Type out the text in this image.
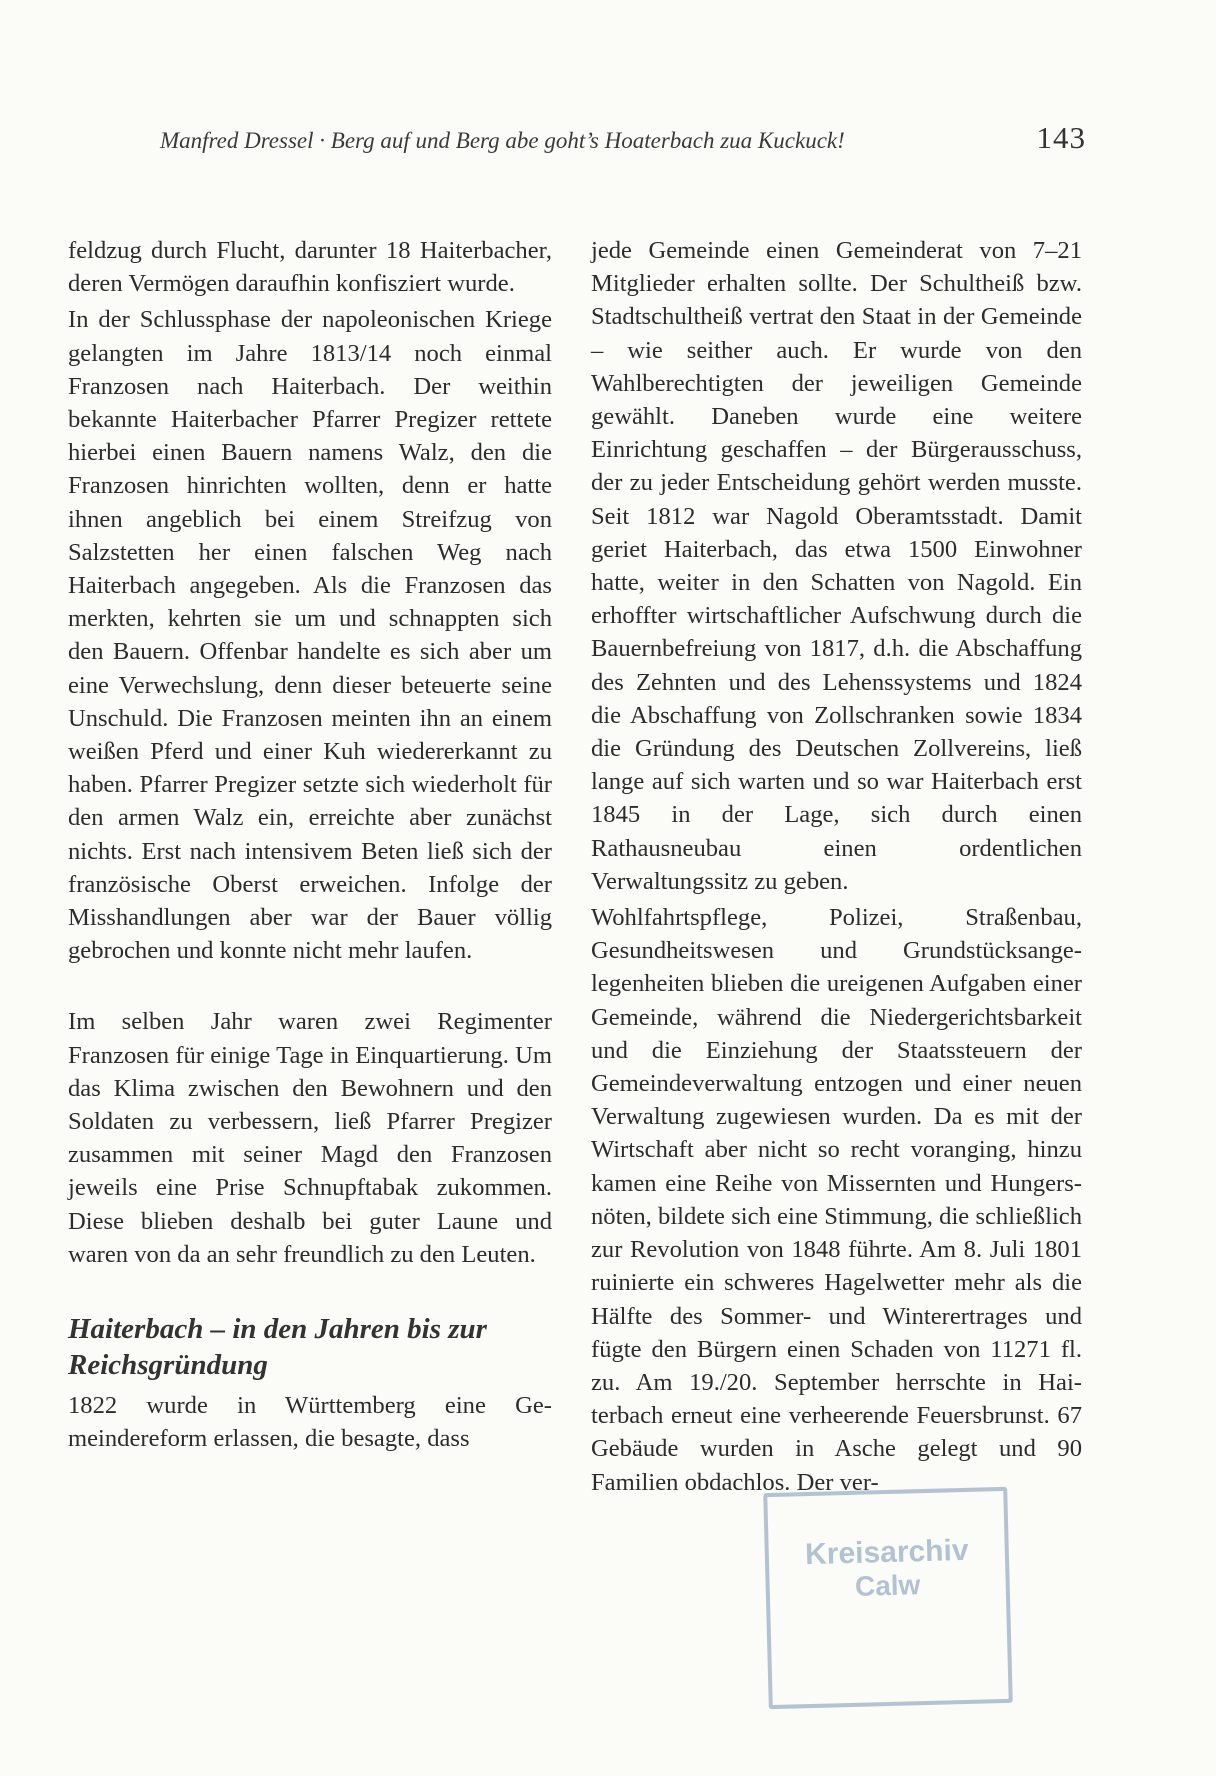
Manfred Dressel · Berg auf und Berg abe goht’s Hoaterbach zua Kuckuck!	143

feldzug durch Flucht, darunter 18 Haiterbacher, deren Vermögen daraufhin konfisziert wurde.

In der Schlussphase der napoleonischen Kriege gelangten im Jahre 1813/14 noch einmal Franzosen nach Haiterbach. Der weithin bekannte Haiterbacher Pfarrer Pregizer rettete hierbei einen Bauern namens Walz, den die Franzosen hinrichten wollten, denn er hatte ihnen angeblich bei einem Streifzug von Salzstetten her einen falschen Weg nach Haiterbach angegeben. Als die Franzosen das merkten, kehrten sie um und schnappten sich den Bauern. Offenbar handelte es sich aber um eine Verwechslung, denn dieser beteuerte seine Unschuld. Die Franzosen meinten ihn an einem weißen Pferd und einer Kuh wiedererkannt zu haben. Pfarrer Pregizer setzte sich wiederholt für den armen Walz ein, erreichte aber zunächst nichts. Erst nach intensivem Beten ließ sich der französische Oberst erweichen. Infolge der Misshandlungen aber war der Bauer völlig gebrochen und konnte nicht mehr laufen.

Im selben Jahr waren zwei Regimenter Franzosen für einige Tage in Einquartierung. Um das Klima zwischen den Bewohnern und den Soldaten zu verbessern, ließ Pfarrer Pregizer zusammen mit seiner Magd den Franzosen jeweils eine Prise Schnupftabak zukommen. Diese blieben deshalb bei guter Laune und waren von da an sehr freundlich zu den Leuten.

Haiterbach – in den Jahren bis zur Reichsgründung

1822 wurde in Württemberg eine Gemeindereform erlassen, die besagte, dass

jede Gemeinde einen Gemeinderat von 7–21 Mitglieder erhalten sollte. Der Schultheiß bzw. Stadtschultheiß vertrat den Staat in der Gemeinde – wie seither auch. Er wurde von den Wahlberechtigten der jeweiligen Gemeinde gewählt. Daneben wurde eine weitere Einrichtung geschaffen – der Bürgerausschuss, der zu jeder Entscheidung gehört werden musste. Seit 1812 war Nagold Oberamtsstadt. Damit geriet Haiterbach, das etwa 1500 Einwohner hatte, weiter in den Schatten von Nagold. Ein erhoffter wirtschaftlicher Aufschwung durch die Bauernbefreiung von 1817, d.h. die Abschaffung des Zehnten und des Lehenssystems und 1824 die Abschaffung von Zollschranken sowie 1834 die Gründung des Deutschen Zollvereins, ließ lange auf sich warten und so war Haiterbach erst 1845 in der Lage, sich durch einen Rathausneubau einen ordentlichen Verwaltungssitz zu geben.

Wohlfahrtspflege, Polizei, Straßenbau, Gesundheitswesen und Grundstücksangelegenheiten blieben die ureigenen Aufgaben einer Gemeinde, während die Niedergerichtsbarkeit und die Einziehung der Staatssteuern der Gemeindeverwaltung entzogen und einer neuen Verwaltung zugewiesen wurden. Da es mit der Wirtschaft aber nicht so recht voranging, hinzu kamen eine Reihe von Missernten und Hungersnöten, bildete sich eine Stimmung, die schließlich zur Revolution von 1848 führte. Am 8. Juli 1801 ruinierte ein schweres Hagelwetter mehr als die Hälfte des Sommer- und Winterertrages und fügte den Bürgern einen Schaden von 11271 fl. zu. Am 19./20. September herrschte in Haiterbach erneut eine verheerende Feuersbrunst. 67 Gebäude wurden in Asche gelegt und 90 Familien obdachlos. Der ver-

Kreisarchiv
Calw
